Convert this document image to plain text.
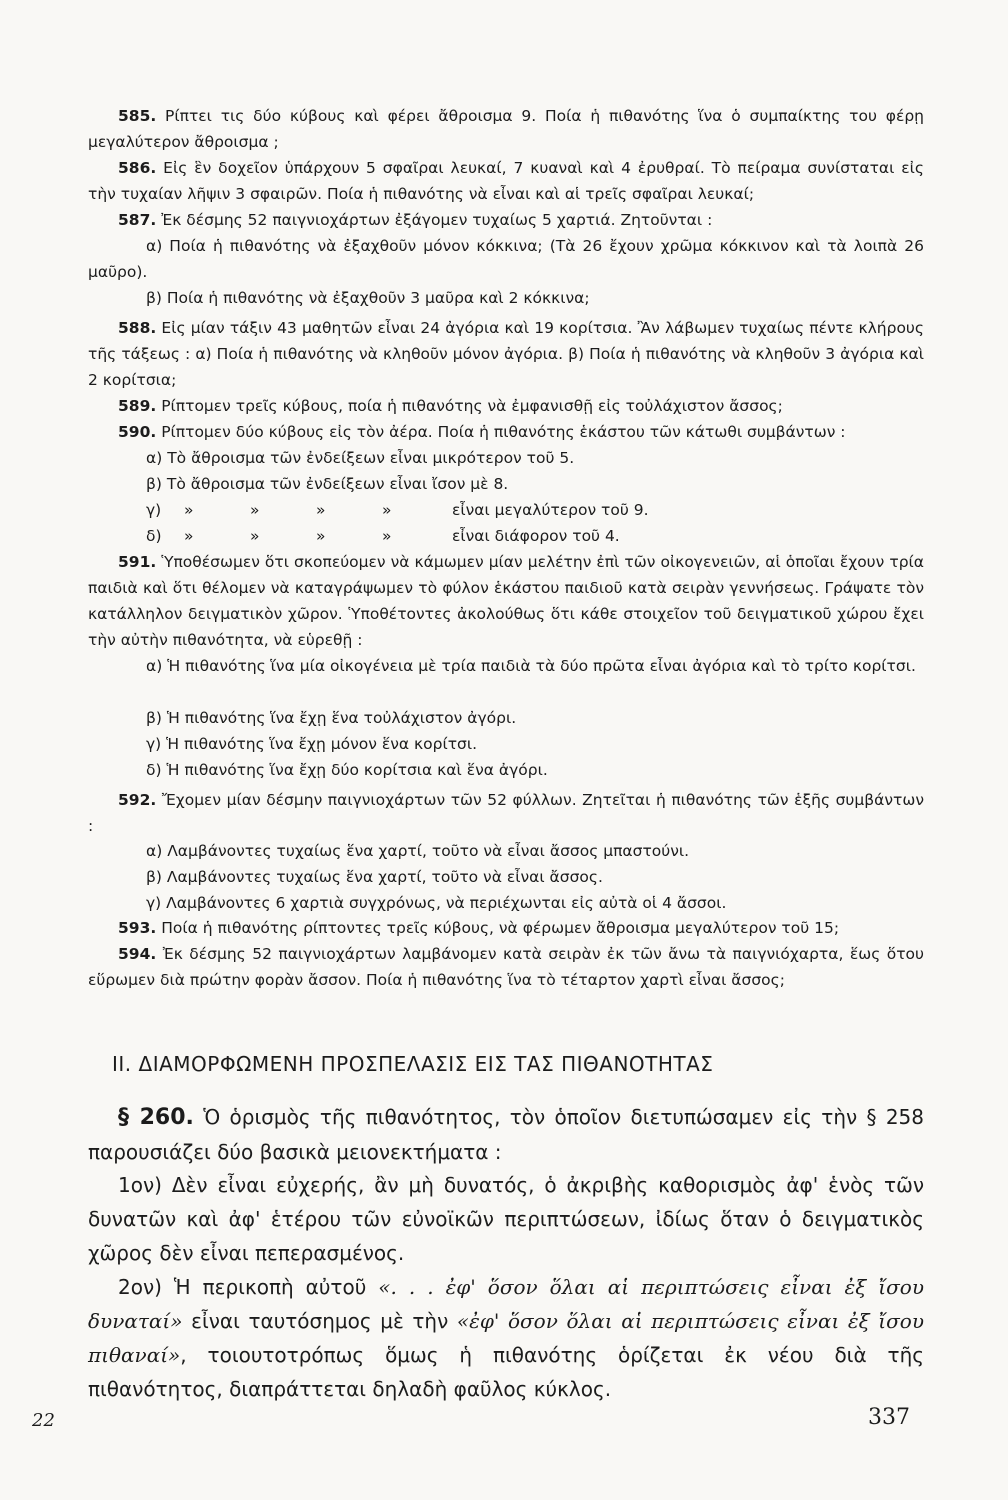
585. Ρίπτει τις δύο κύβους καὶ φέρει ἄθροισμα 9. Ποία ἡ πιθανότης ἵνα ὁ συμπαίκτης του φέρῃ μεγαλύτερον ἄθροισμα ;

586. Εἰς ἓν δοχεῖον ὑπάρχουν 5 σφαῖραι λευκαί, 7 κυαναὶ καὶ 4 ἐρυθραί. Τὸ πείραμα συνίσταται εἰς τὴν τυχαίαν λῆψιν 3 σφαιρῶν. Ποία ἡ πιθανότης νὰ εἶναι καὶ αἱ τρεῖς σφαῖραι λευκαί;

587. Ἐκ δέσμης 52 παιγνιοχάρτων ἐξάγομεν τυχαίως 5 χαρτιά. Ζητοῦνται :

α) Ποία ἡ πιθανότης νὰ ἐξαχθοῦν μόνον κόκκινα; (Τὰ 26 ἔχουν χρῶμα κόκκινον καὶ τὰ λοιπὰ 26 μαῦρο).

β) Ποία ἡ πιθανότης νὰ ἐξαχθοῦν 3 μαῦρα καὶ 2 κόκκινα;

588. Εἰς μίαν τάξιν 43 μαθητῶν εἶναι 24 ἀγόρια καὶ 19 κορίτσια. Ἂν λάβωμεν τυχαίως πέντε κλήρους τῆς τάξεως : α) Ποία ἡ πιθανότης νὰ κληθοῦν μόνον ἀγόρια. β) Ποία ἡ πιθανότης νὰ κληθοῦν 3 ἀγόρια καὶ 2 κορίτσια;

589. Ρίπτομεν τρεῖς κύβους, ποία ἡ πιθανότης νὰ ἐμφανισθῇ εἰς τοὐλάχιστον ἄσσος;

590. Ρίπτομεν δύο κύβους εἰς τὸν ἀέρα. Ποία ἡ πιθανότης ἑκάστου τῶν κάτωθι συμβάντων :

α) Τὸ ἄθροισμα τῶν ἐνδείξεων εἶναι μικρότερον τοῦ 5.

β) Τὸ ἄθροισμα τῶν ἐνδείξεων εἶναι ἴσον μὲ 8.

γ)	»	»	»	»	εἶναι μεγαλύτερον τοῦ 9.
δ)	»	»	»	»	εἶναι διάφορον τοῦ 4.

591. Ὑποθέσωμεν ὅτι σκοπεύομεν νὰ κάμωμεν μίαν μελέτην ἐπὶ τῶν οἰκογενειῶν, αἱ ὁποῖαι ἔχουν τρία παιδιὰ καὶ ὅτι θέλομεν νὰ καταγράψωμεν τὸ φύλον ἑκάστου παιδιοῦ κατὰ σειρὰν γεννήσεως. Γράψατε τὸν κατάλληλον δειγματικὸν χῶρον. Ὑποθέτοντες ἀκολούθως ὅτι κάθε στοιχεῖον τοῦ δειγματικοῦ χώρου ἔχει τὴν αὐτὴν πιθανότητα, νὰ εὑρεθῇ :

α) Ἡ πιθανότης ἵνα μία οἰκογένεια μὲ τρία παιδιὰ τὰ δύο πρῶτα εἶναι ἀγόρια καὶ τὸ τρίτο κορίτσι.

β) Ἡ πιθανότης ἵνα ἔχῃ ἕνα τοὐλάχιστον ἀγόρι.

γ) Ἡ πιθανότης ἵνα ἔχῃ μόνον ἕνα κορίτσι.

δ) Ἡ πιθανότης ἵνα ἔχῃ δύο κορίτσια καὶ ἕνα ἀγόρι.

592. Ἔχομεν μίαν δέσμην παιγνιοχάρτων τῶν 52 φύλλων. Ζητεῖται ἡ πιθανότης τῶν ἑξῆς συμβάντων :

α) Λαμβάνοντες τυχαίως ἕνα χαρτί, τοῦτο νὰ εἶναι ἄσσος μπαστούνι.

β) Λαμβάνοντες τυχαίως ἕνα χαρτί, τοῦτο νὰ εἶναι ἄσσος.

γ) Λαμβάνοντες 6 χαρτιὰ συγχρόνως, νὰ περιέχωνται εἰς αὐτὰ οἱ 4 ἄσσοι.

593. Ποία ἡ πιθανότης ρίπτοντες τρεῖς κύβους, νὰ φέρωμεν ἄθροισμα μεγαλύτερον τοῦ 15;

594. Ἐκ δέσμης 52 παιγνιοχάρτων λαμβάνομεν κατὰ σειρὰν ἐκ τῶν ἄνω τὰ παιγνιόχαρτα, ἕως ὅτου εὕρωμεν διὰ πρώτην φορὰν ἄσσον. Ποία ἡ πιθανότης ἵνα τὸ τέταρτον χαρτὶ εἶναι ἄσσος;

ΙΙ. ΔΙΑΜΟΡΦΩΜΕΝΗ ΠΡΟΣΠΕΛΑΣΙΣ ΕΙΣ ΤΑΣ ΠΙΘΑΝΟΤΗΤΑΣ

§ 260. Ὁ ὁρισμὸς τῆς πιθανότητος, τὸν ὁποῖον διετυπώσαμεν εἰς τὴν § 258 παρουσιάζει δύο βασικὰ μειονεκτήματα :

1ον) Δὲν εἶναι εὐχερής, ἂν μὴ δυνατός, ὁ ἀκριβὴς καθορισμὸς ἀφ' ἑνὸς τῶν δυνατῶν καὶ ἀφ' ἑτέρου τῶν εὐνοϊκῶν περιπτώσεων, ἰδίως ὅταν ὁ δειγματικὸς χῶρος δὲν εἶναι πεπερασμένος.

2ον) Ἡ περικοπὴ αὐτοῦ «. . . ἐφ' ὅσον ὅλαι αἱ περιπτώσεις εἶναι ἐξ ἴσου δυναταί» εἶναι ταυτόσημος μὲ τὴν «ἐφ' ὅσον ὅλαι αἱ περιπτώσεις εἶναι ἐξ ἴσου πιθαναί», τοιουτοτρόπως ὅμως ἡ πιθανότης ὁρίζεται ἐκ νέου διὰ τῆς πιθανότητος, διαπράττεται δηλαδὴ φαῦλος κύκλος.

22	337
